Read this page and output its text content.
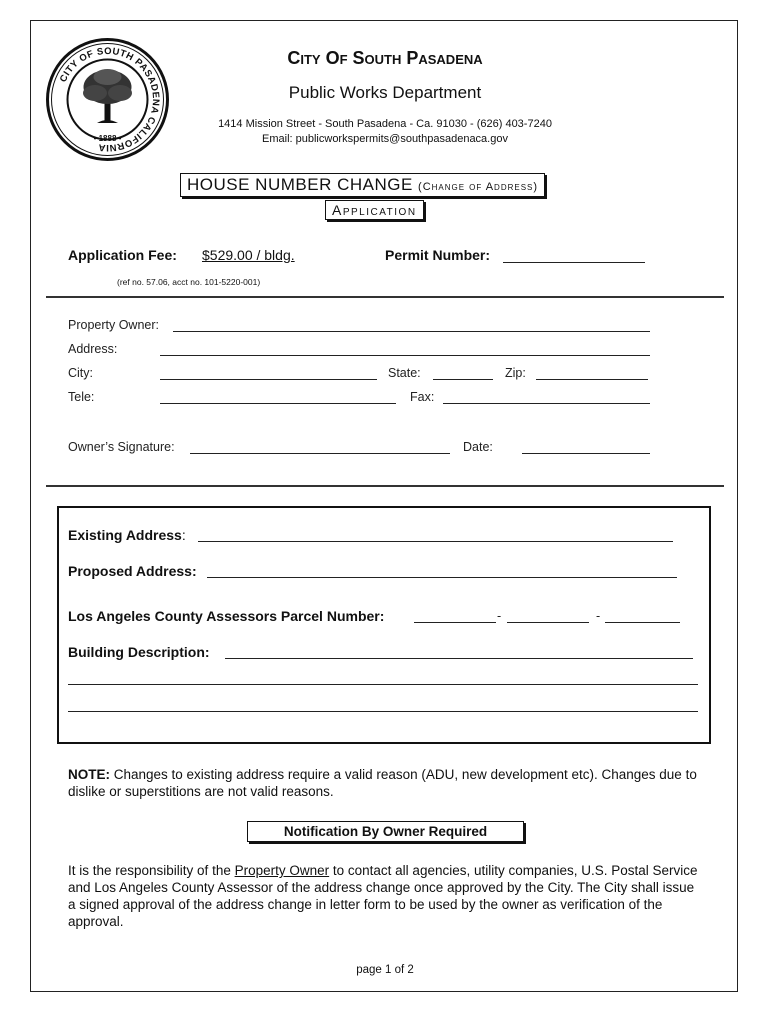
CITY OF SOUTH PASADENA CALIFORNIA
• 1888 •
City Of South Pasadena
Public Works Department
1414 Mission Street - South Pasadena - Ca. 91030 - (626) 403-7240
Email: publicworkspermits@southpasadenaca.gov
HOUSE NUMBER CHANGE (Change of Address)
Application
Application Fee: $529.00 / bldg.	Permit Number:
(ref no. 57.06, acct no. 101-5220-001)
Property Owner:
Address:
City:	State:	Zip:
Tele:	Fax:
Owner’s Signature:	Date:
Existing Address:
Proposed Address:
Los Angeles County Assessors Parcel Number:	-	-
Building Description:
NOTE: Changes to existing address require a valid reason (ADU, new development etc). Changes due to dislike or superstitions are not valid reasons.
Notification By Owner Required
It is the responsibility of the Property Owner to contact all agencies, utility companies, U.S. Postal Service and Los Angeles County Assessor of the address change once approved by the City. The City shall issue a signed approval of the address change in letter form to be used by the owner as verification of the approval.
page 1 of 2
